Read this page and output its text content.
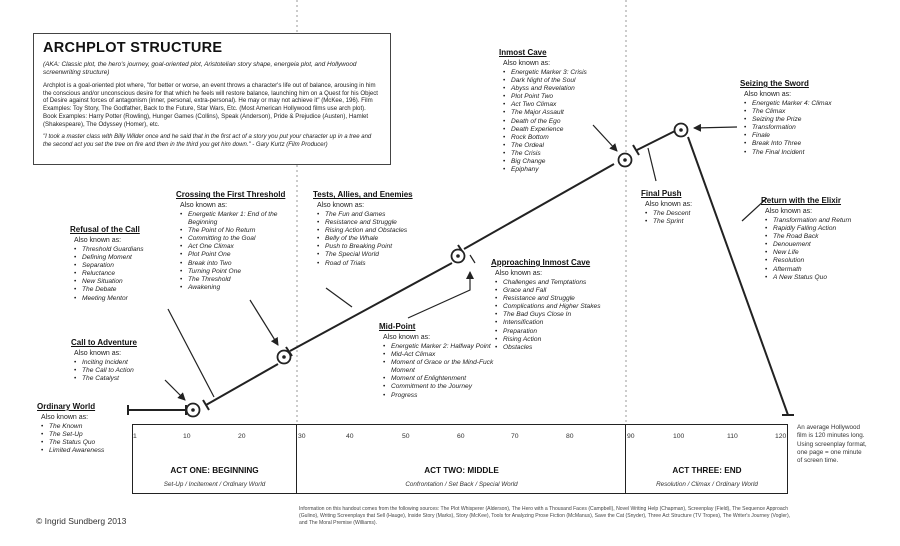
ARCHPLOT STRUCTURE
(AKA: Classic plot, the hero's journey, goal-oriented plot, Aristotelian story shape, energeia plot, and Hollywood screenwriting structure)
Archplot is a goal-oriented plot where, "for better or worse, an event throws a character's life out of balance, arousing in him the conscious and/or unconscious desire for that which he feels will restore balance, launching him on a Quest for his Object of Desire against forces of antagonism (inner, personal, extra-personal). He may or may not achieve it" (McKee, 196). Film Examples: Toy Story, The Godfather, Back to the Future, Star Wars, Etc. (Most American Hollywood films use arch plot). Book Examples: Harry Potter (Rowling), Hunger Games (Collins), Speak (Anderson), Pride & Prejudice (Austen), Hamlet (Shakespeare), The Odyssey (Homer), etc.
"I took a master class with Billy Wilder once and he said that in the first act of a story you put your character up in a tree and the second act you set the tree on fire and then in the third you get him down." - Gary Kurtz (Film Producer)
Ordinary World
Also known as:
• The Known
• The Set-Up
• The Status Quo
• Limited Awareness
Call to Adventure
Also known as:
• Inciting Incident
• The Call to Action
• The Catalyst
Refusal of the Call
Also known as:
• Threshold Guardians
• Defining Moment
• Separation
• Reluctance
• New Situation
• The Debate
• Meeting Mentor
Crossing the First Threshold
Also known as:
• Energetic Marker 1: End of the Beginning
• The Point of No Return
• Committing to the Goal
• Act One Climax
• Plot Point One
• Break into Two
• Turning Point One
• The Threshold
• Awakening
Tests, Allies, and Enemies
Also known as:
• The Fun and Games
• Resistance and Struggle
• Rising Action and Obstacles
• Belly of the Whale
• Push to Breaking Point
• The Special World
• Road of Trials
Mid-Point
Also known as:
• Energetic Marker 2: Halfway Point
• Mid-Act Climax
• Moment of Grace or the Mind-Fuck Moment
• Moment of Enlightenment
• Commitment to the Journey
• Progress
Approaching Inmost Cave
Also known as:
• Challenges and Temptations
• Grace and Fall
• Resistance and Struggle
• Complications and Higher Stakes
• The Bad Guys Close In
• Intensification
• Preparation
• Rising Action
• Obstacles
Inmost Cave
Also known as:
• Energetic Marker 3: Crisis
• Dark Night of the Soul
• Abyss and Revelation
• Plot Point Two
• Act Two Climax
• The Major Assault
• Death of the Ego
• Death Experience
• Rock Bottom
• The Ordeal
• The Crisis
• Big Change
• Epiphany
Final Push
Also known as:
• The Descent
• The Sprint
Seizing the Sword
Also known as:
• Energetic Marker 4: Climax
• The Climax
• Seizing the Prize
• Transformation
• Finale
• Break Into Three
• The Final Incident
Return with the Elixir
Also known as:
• Transformation and Return
• Rapidly Falling Action
• The Road Back
• Denouement
• New Life
• Resolution
• Aftermath
• A New Status Quo
1	10	20	30	40	50	60	70	80	90	100	110	120
ACT ONE: BEGINNING
Set-Up / Incitement / Ordinary World
ACT TWO: MIDDLE
Confrontation / Set Back / Special World
ACT THREE: END
Resolution / Climax / Ordinary World
An average Hollywood film is 120 minutes long. Using screenplay format, one page = one minute of screen time.
© Ingrid Sundberg 2013
Information on this handout comes from the following sources: The Plot Whisperer (Alderson), The Hero with a Thousand Faces (Campbell), Novel Writing Help (Chapman), Screenplay (Field), The Sequence Approach (Gulino), Writing Screenplays that Sell (Hauge), Inside Story (Marks), Story (McKee), Tools for Analyzing Prose Fiction (McManus), Save the Cat (Snyder), Three Act Structure (TV Tropes), The Writer's Journey (Vogler), and The Moral Premise (Williams).
